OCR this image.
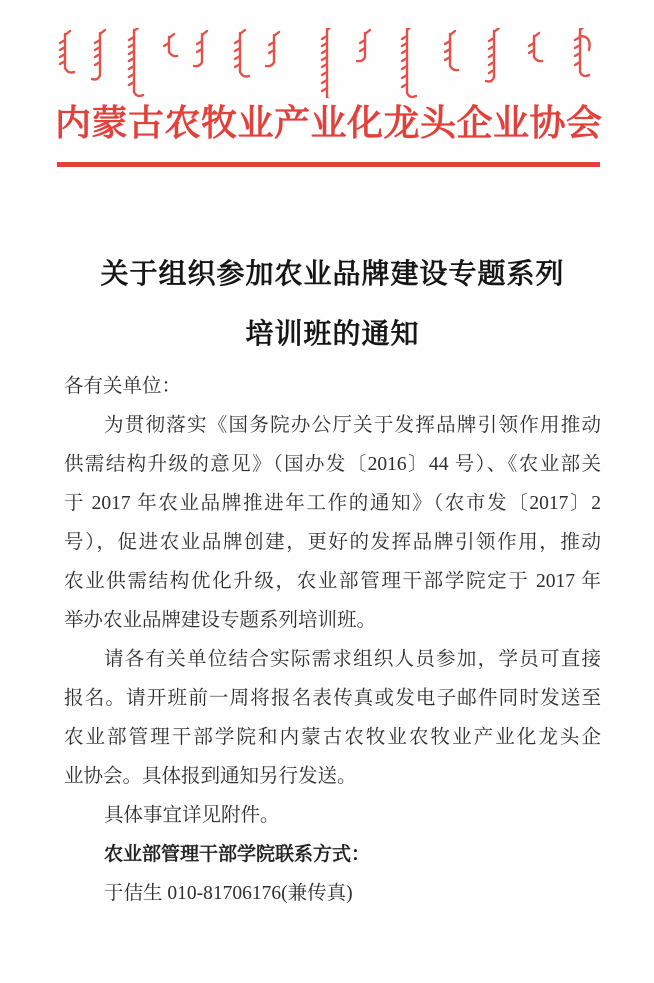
内蒙古农牧业产业化龙头企业协会
关于组织参加农业品牌建设专题系列
培训班的通知

各有关单位：

为贯彻落实《国务院办公厅关于发挥品牌引领作用推动

供需结构升级的意见》（国办发〔2016〕44 号）、《农业部关

于 2017 年农业品牌推进年工作的通知》（农市发〔2017〕2

号），促进农业品牌创建，更好的发挥品牌引领作用，推动

农业供需结构优化升级，农业部管理干部学院定于 2017 年

举办农业品牌建设专题系列培训班。

请各有关单位结合实际需求组织人员参加，学员可直接

报名。请开班前一周将报名表传真或发电子邮件同时发送至

农业部管理干部学院和内蒙古农牧业农牧业产业化龙头企

业协会。具体报到通知另行发送。

具体事宜详见附件。

农业部管理干部学院联系方式：

于佶生 010-81706176(兼传真)
